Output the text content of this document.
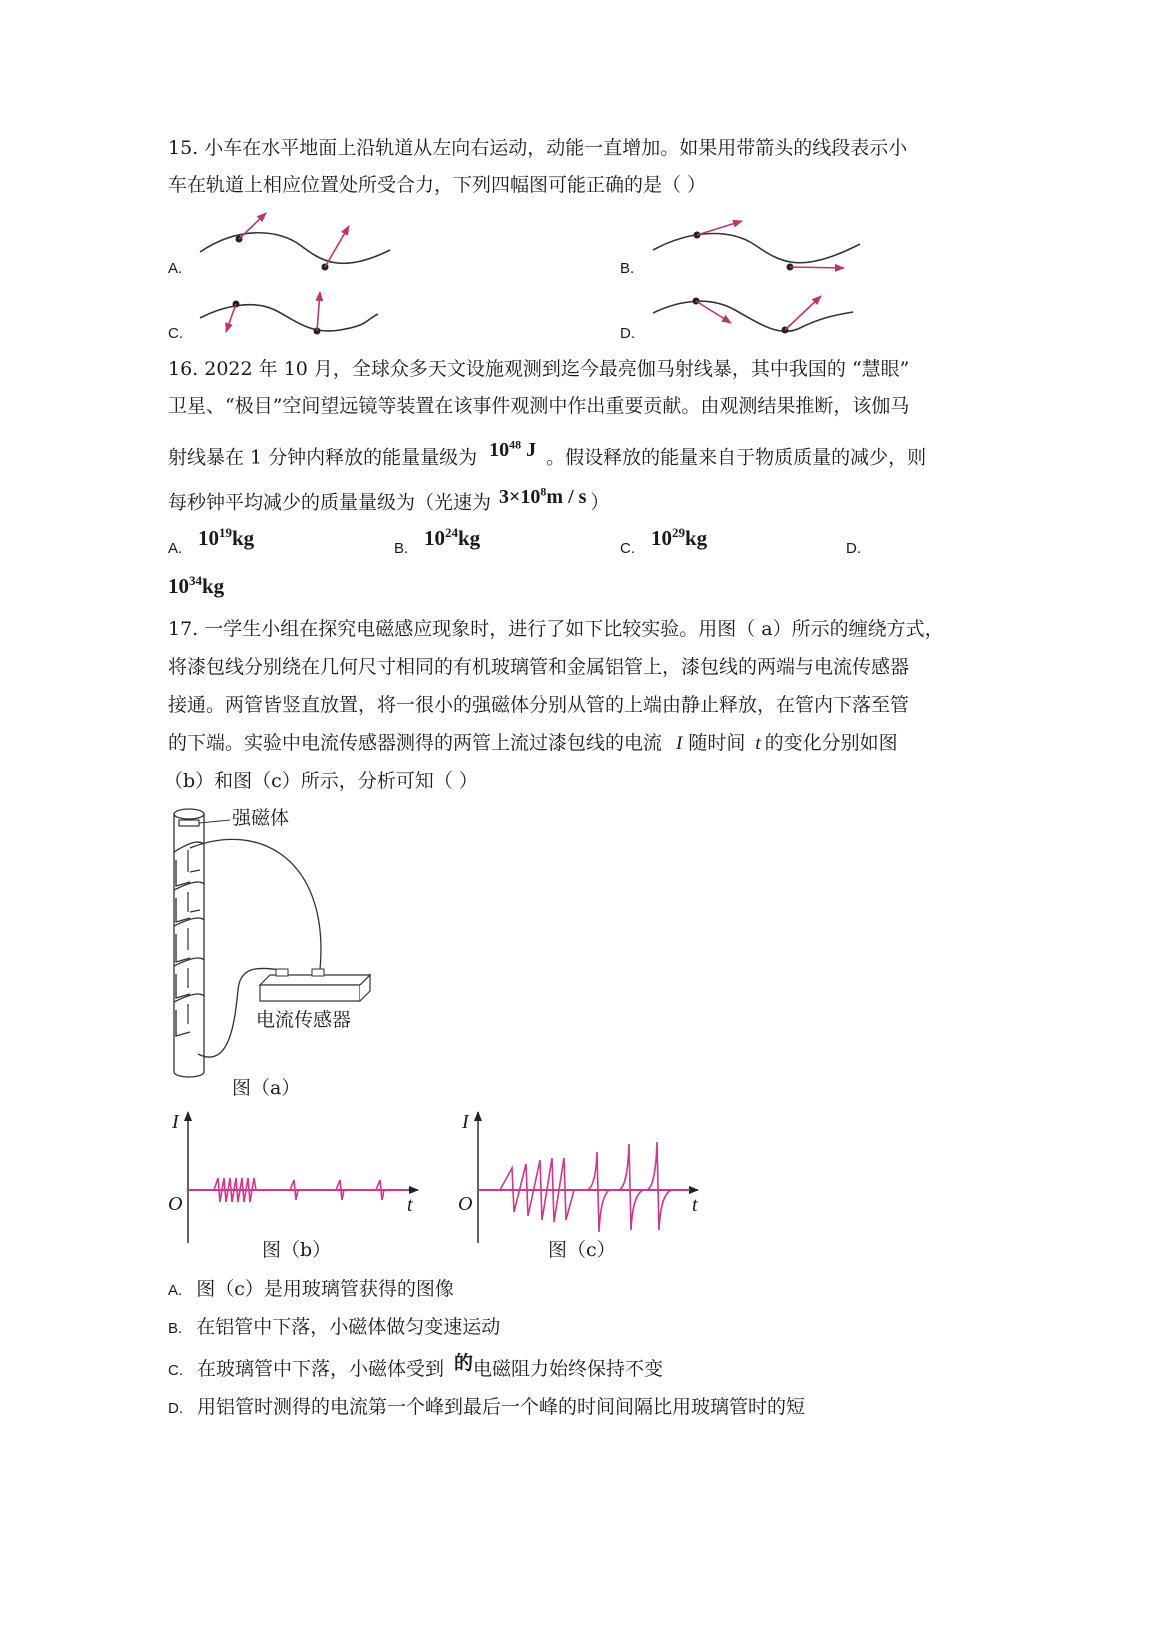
15. 小车在水平地面上沿轨道从左向右运动，动能一直增加。如果用带箭头的线段表示小
车在轨道上相应位置处所受合力，下列四幅图可能正确的是（ ）
A.	B.
C.	D.
16. 2022 年 10 月，全球众多天文设施观测到迄今最亮伽马射线暴，其中我国的 “慧眼”
卫星、“极目”空间望远镜等装置在该事件观测中作出重要贡献。由观测结果推断，该伽马
射线暴在 1 分钟内释放的能量量级为 $10^{48}$ J 。假设释放的能量来自于物质质量的减少，则
每秒钟平均减少的质量量级为（光速为 $3\times 10^8m / s$ ）
A. $10^{19}kg$	B. $10^{24}kg$	C. $10^{29}kg$	D.
$10^{34}kg$
17. 一学生小组在探究电磁感应现象时，进行了如下比较实验。用图（ a）所示的缠绕方式，
将漆包线分别绕在几何尺寸相同的有机玻璃管和金属铝管上，漆包线的两端与电流传感器
接通。两管皆竖直放置，将一很小的强磁体分别从管的上端由静止释放，在管内下落至管
的下端。实验中电流传感器测得的两管上流过漆包线的电流 I 随时间 t 的变化分别如图
（b）和图（c）所示，分析可知（ ）
强磁体
电流传感器
图（a）
I
O	t
图（b）
I
O	t
图（c）
A. 图（c）是用玻璃管获得的图像
B. 在铝管中下落，小磁体做匀变速运动
C. 在玻璃管中下落，小磁体受到 的电磁阻力始终保持不变
D. 用铝管时测得的电流第一个峰到最后一个峰的时间间隔比用玻璃管时的短
